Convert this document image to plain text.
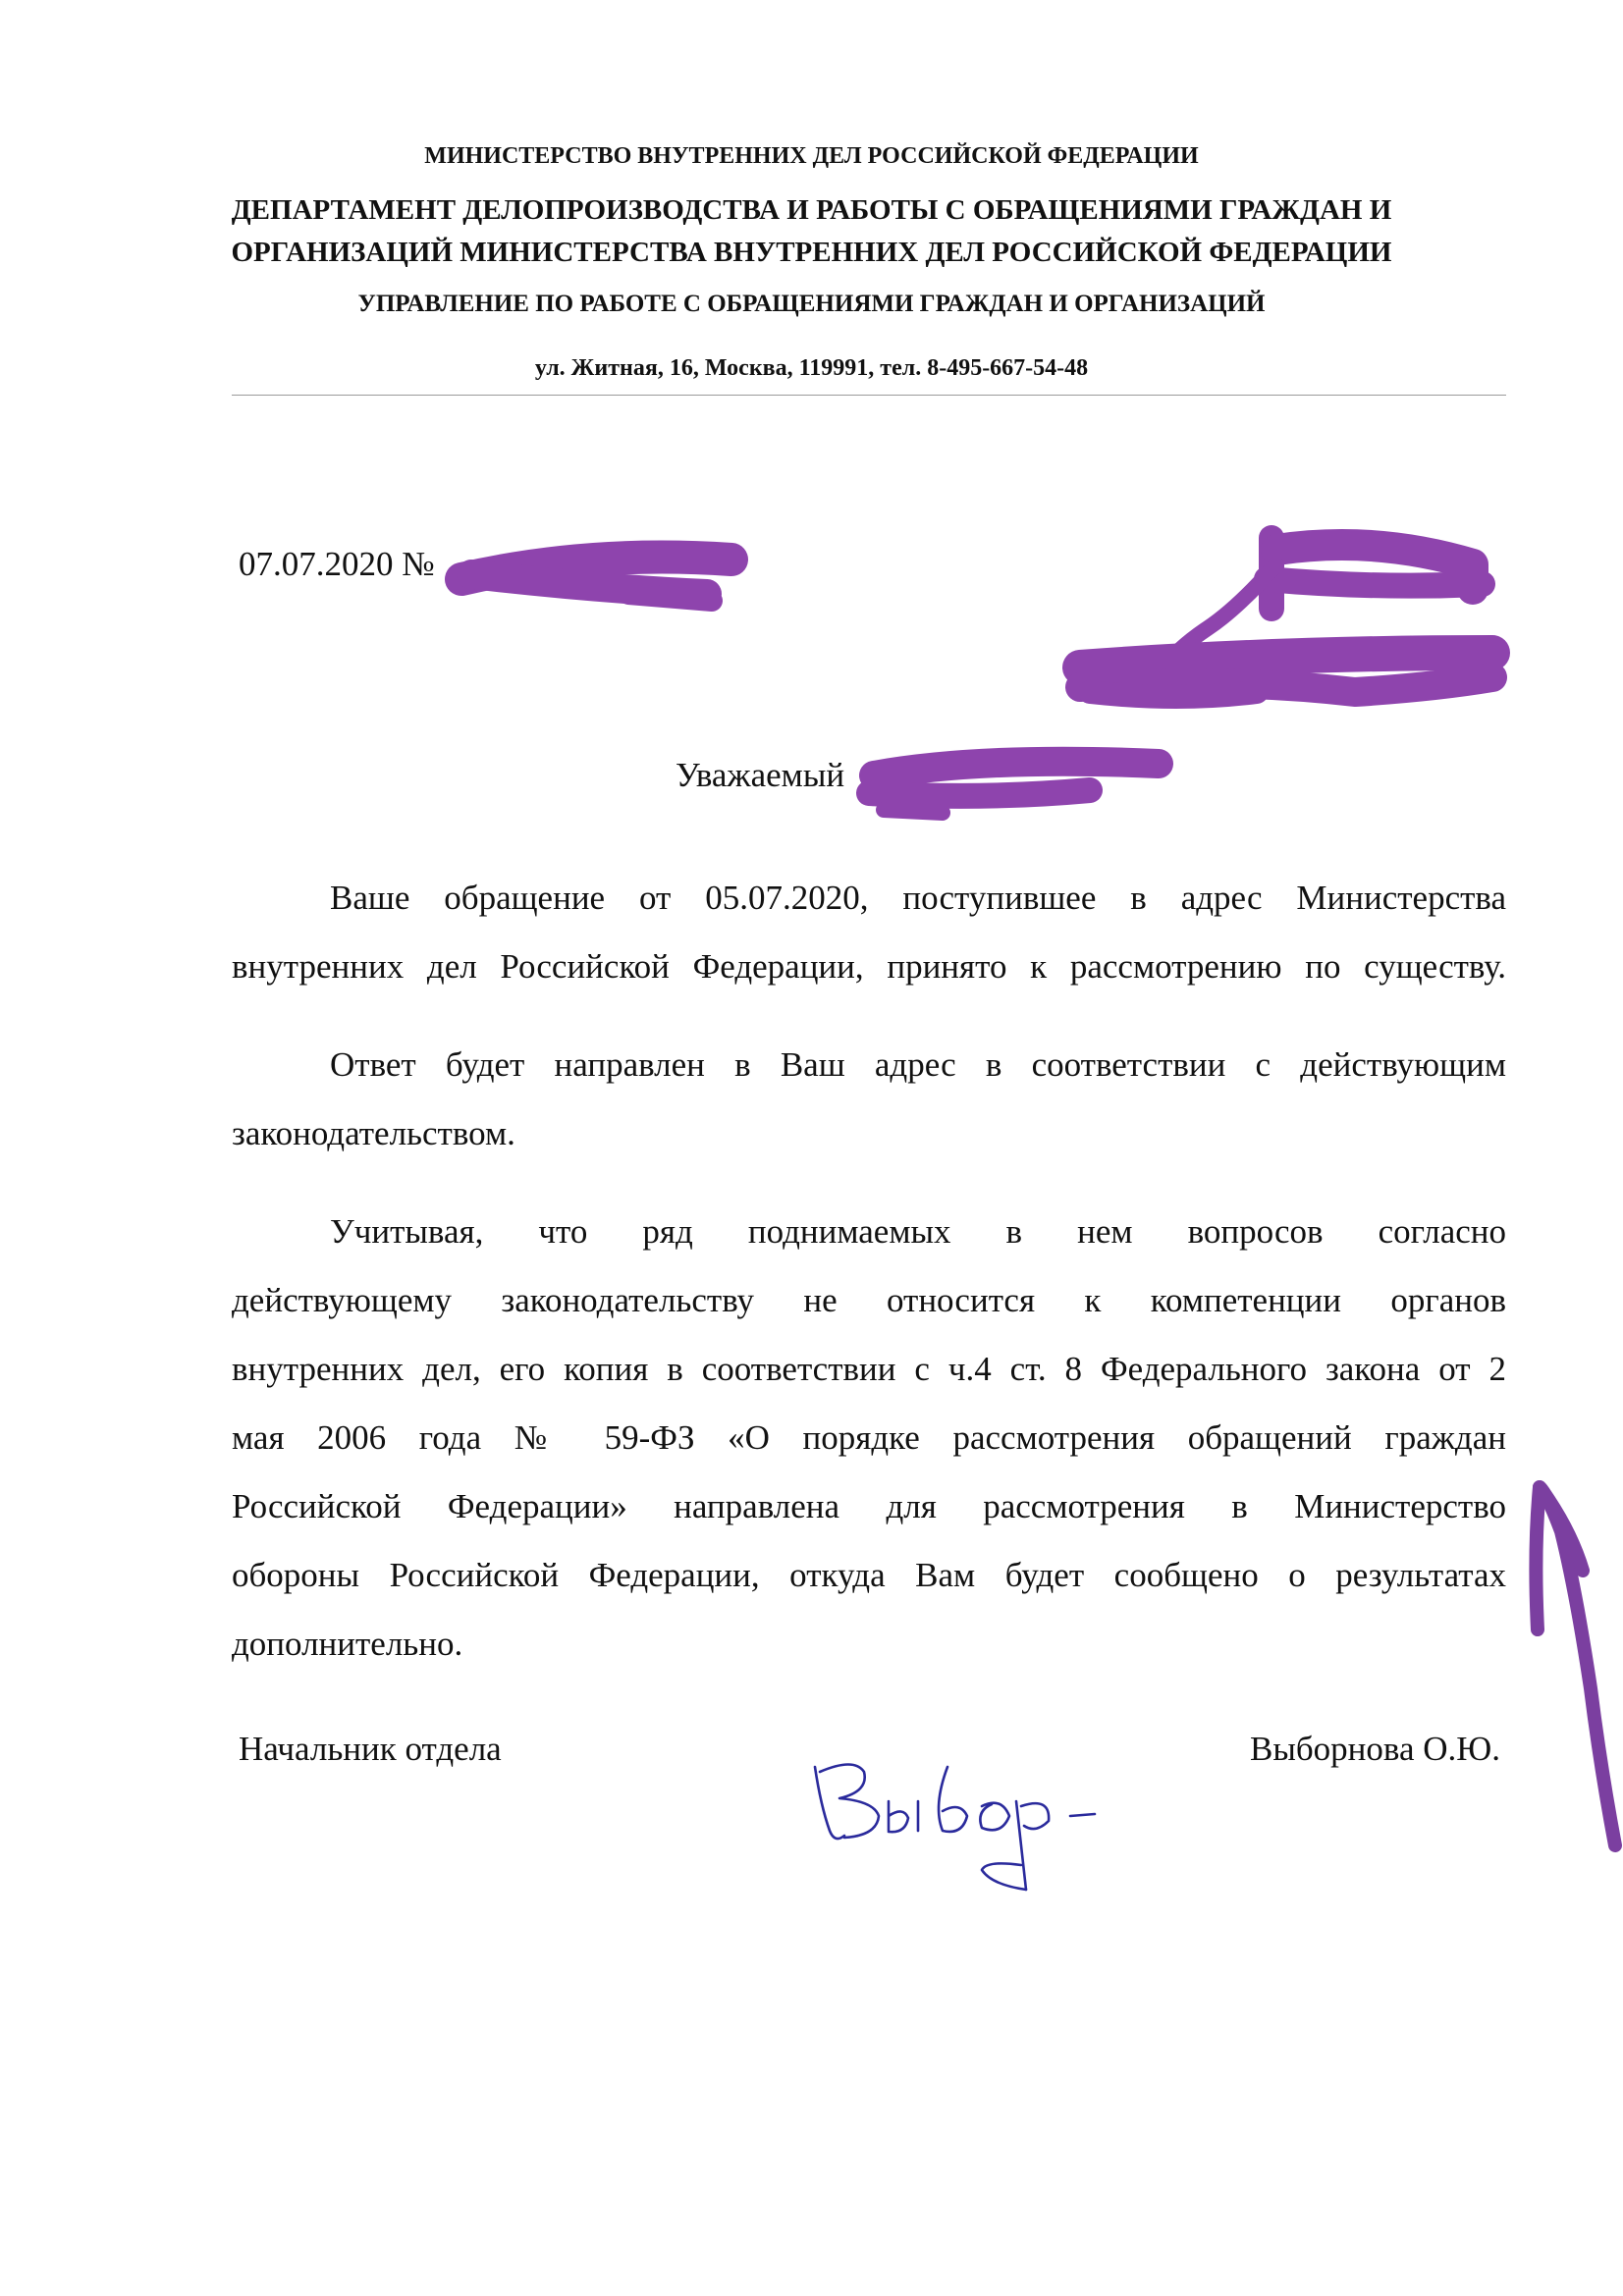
МИНИСТЕРСТВО ВНУТРЕННИХ ДЕЛ РОССИЙСКОЙ ФЕДЕРАЦИИ
ДЕПАРТАМЕНТ ДЕЛОПРОИЗВОДСТВА И РАБОТЫ С ОБРАЩЕНИЯМИ ГРАЖДАН И
ОРГАНИЗАЦИЙ МИНИСТЕРСТВА ВНУТРЕННИХ ДЕЛ РОССИЙСКОЙ ФЕДЕРАЦИИ
УПРАВЛЕНИЕ ПО РАБОТЕ С ОБРАЩЕНИЯМИ ГРАЖДАН И ОРГАНИЗАЦИЙ
ул. Житная, 16, Москва, 119991, тел. 8-495-667-54-48
07.07.2020 №
Уважаемый
Ваше обращение от 05.07.2020, поступившее в адрес Министерства
внутренних дел Российской Федерации, принято к рассмотрению по существу.
Ответ будет направлен в Ваш адрес в соответствии с действующим
законодательством.
Учитывая, что ряд поднимаемых в нем вопросов согласно
действующему законодательству не относится к компетенции органов
внутренних дел, его копия в соответствии с ч.4 ст. 8 Федерального закона от 2
мая 2006 года № 59-ФЗ «О порядке рассмотрения обращений граждан
Российской Федерации» направлена для рассмотрения в Министерство
обороны Российской Федерации, откуда Вам будет сообщено о результатах
дополнительно.
Начальник отдела	Выборнова О.Ю.
